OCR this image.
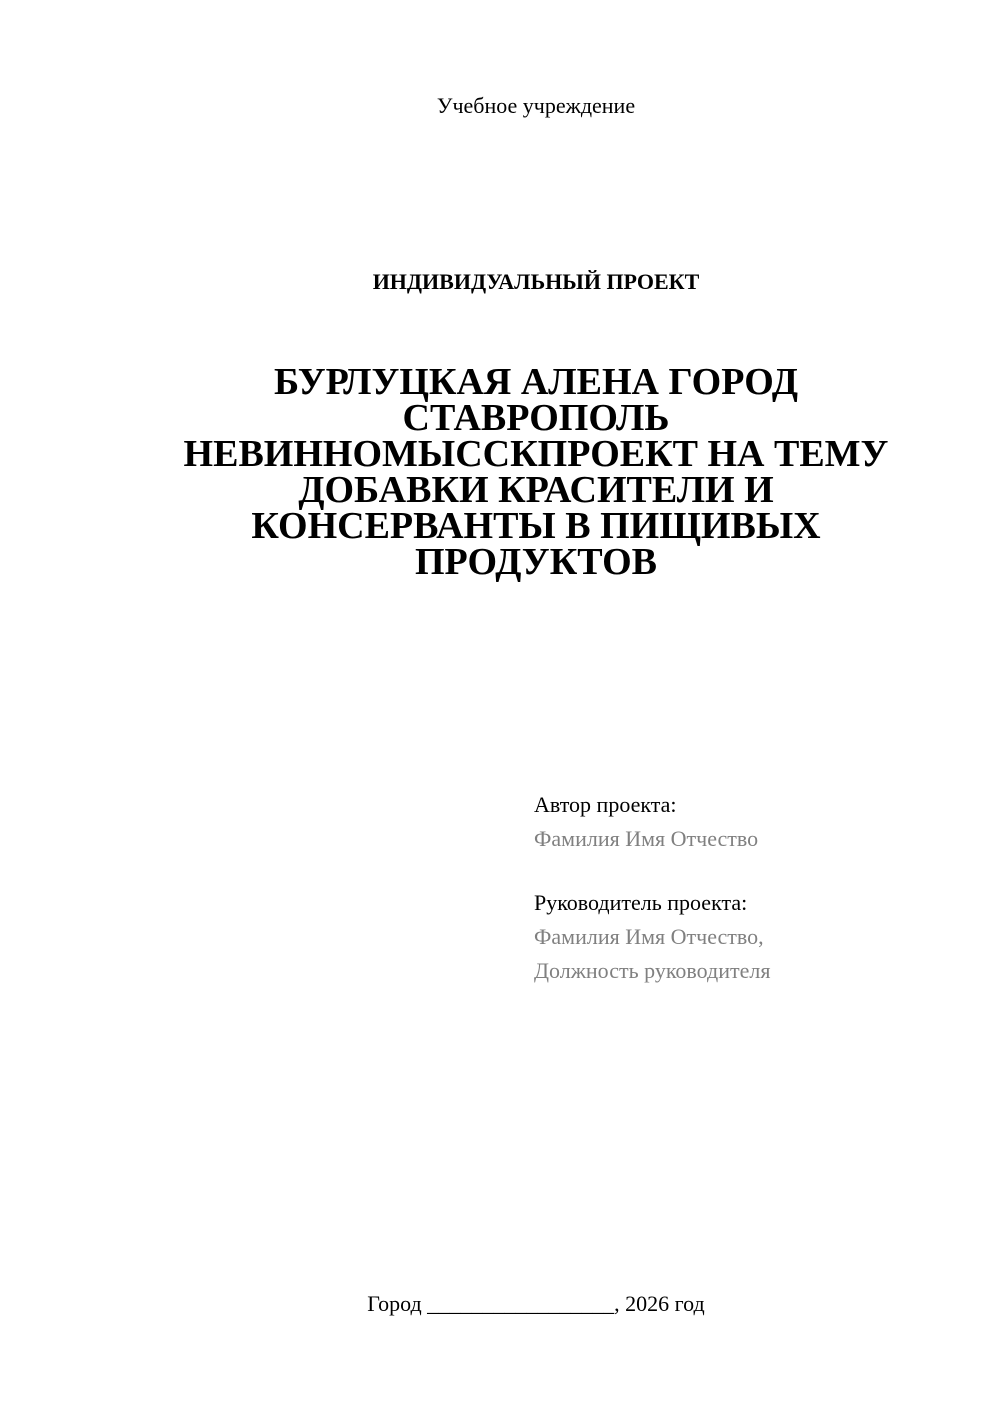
Учебное учреждение
ИНДИВИДУАЛЬНЫЙ ПРОЕКТ
БУРЛУЦКАЯ АЛЕНА ГОРОД
СТАВРОПОЛЬ
НЕВИННОМЫССКПРОЕКТ НА ТЕМУ
ДОБАВКИ КРАСИТЕЛИ И
КОНСЕРВАНТЫ В ПИЩИВЫХ
ПРОДУКТОВ
Автор проекта:
Фамилия Имя Отчество
Руководитель проекта:
Фамилия Имя Отчество,
Должность руководителя
Город _________________, 2026 год
